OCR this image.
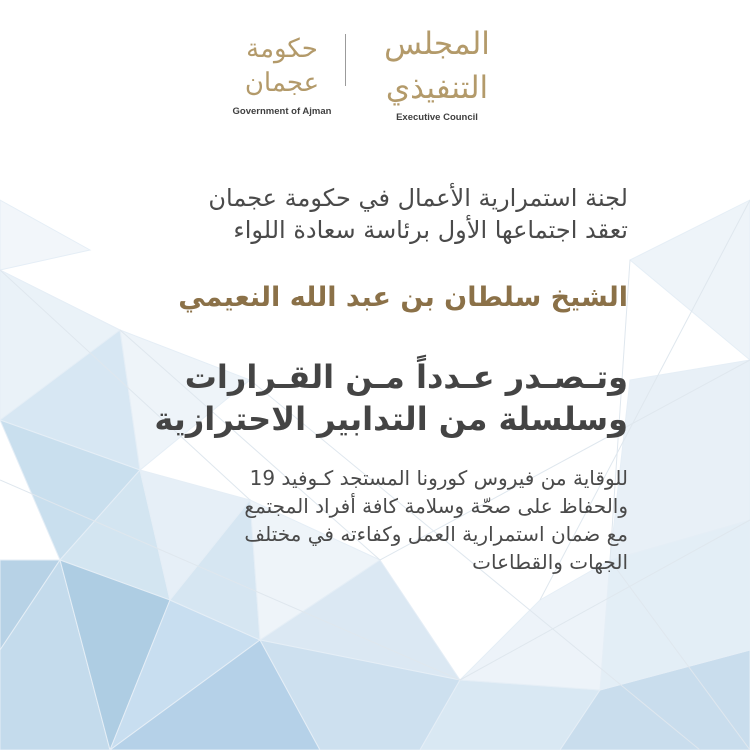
حكومة عجمان
Government of Ajman
المجلس التنفيذي
Executive Council
لجنة استمرارية الأعمال في حكومة عجمان
تعقد اجتماعها الأول برئاسة سعادة اللواء
الشيخ سلطان بن عبد الله النعيمي
وتـصـدر عـدداً مـن القـرارات
وسلسلة من التدابير الاحترازية
للوقاية من فيروس كورونا المستجد كـوفيد 19
والحفاظ على صحّة وسلامة كافة أفراد المجتمع
مع ضمان استمرارية العمل وكفاءته في مختلف
الجهات والقطاعات
